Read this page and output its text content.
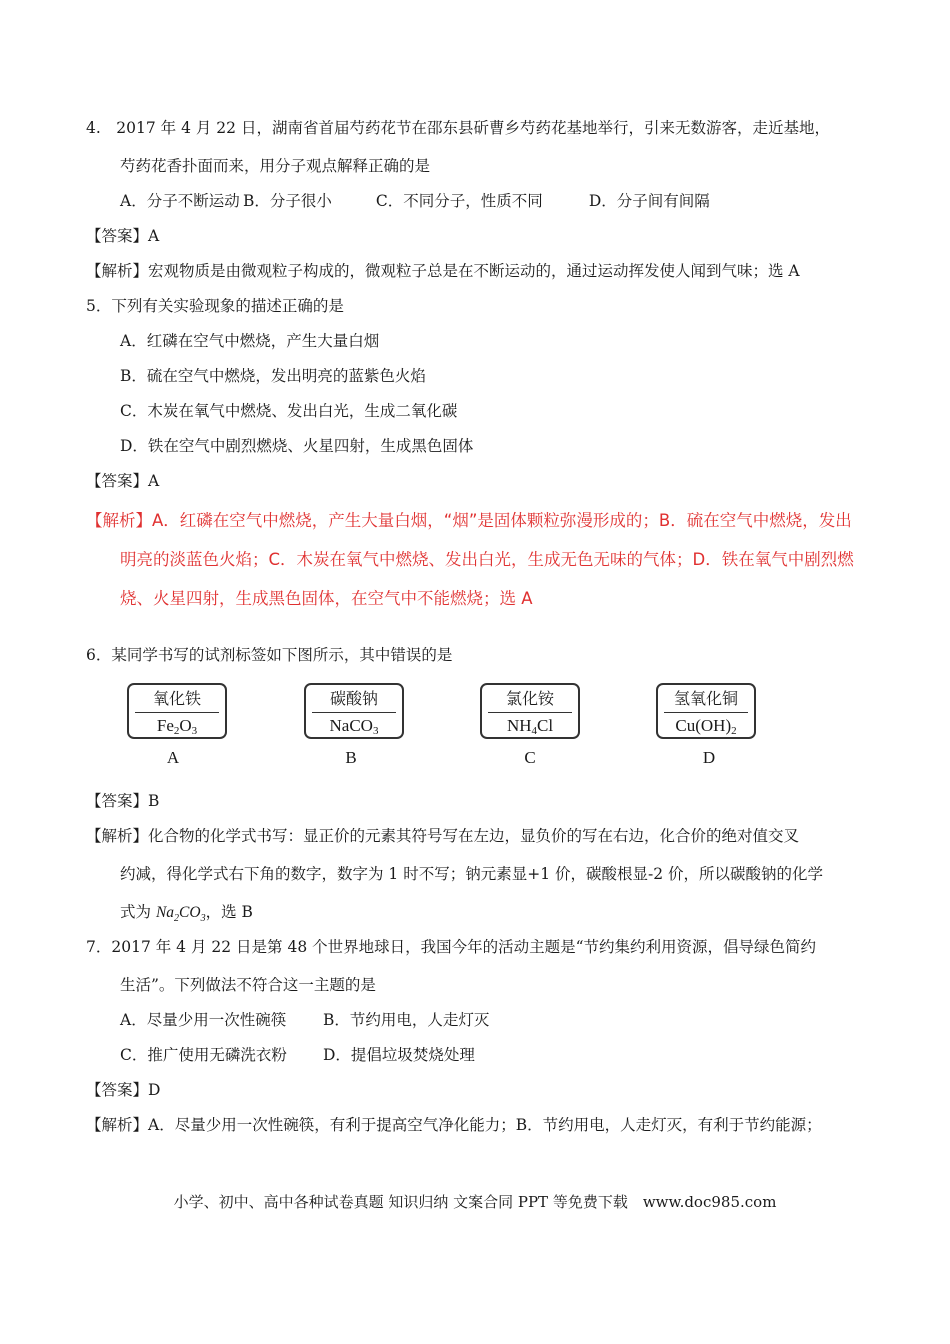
4.　2017 年 4 月 22 日，湖南省首届芍药花节在邵东县斫曹乡芍药花基地举行，引来无数游客，走近基地，
芍药花香扑面而来，用分子观点解释正确的是
A．分子不断运动 B．分子很小	C．不同分子，性质不同	D．分子间有间隔
【答案】A
【解析】宏观物质是由微观粒子构成的，微观粒子总是在不断运动的，通过运动挥发使人闻到气味；选 A
5．下列有关实验现象的描述正确的是
A．红磷在空气中燃烧，产生大量白烟
B．硫在空气中燃烧，发出明亮的蓝紫色火焰
C．木炭在氧气中燃烧、发出白光，生成二氧化碳
D．铁在空气中剧烈燃烧、火星四射，生成黑色固体
【答案】A
【解析】A．红磷在空气中燃烧，产生大量白烟，“烟”是固体颗粒弥漫形成的；B．硫在空气中燃烧，发出
明亮的淡蓝色火焰；C．木炭在氧气中燃烧、发出白光，生成无色无味的气体；D．铁在氧气中剧烈燃
烧、火星四射，生成黑色固体，在空气中不能燃烧；选 A
6．某同学书写的试剂标签如下图所示，其中错误的是
氧化铁
$Fe_2O_3$
A
碳酸钠
NaCO$_3$
B
氯化铵
$NH_4Cl$
C
氢氧化铜
$Cu(OH)_2$
D
【答案】B
【解析】化合物的化学式书写：显正价的元素其符号写在左边，显负价的写在右边，化合价的绝对值交叉
约减，得化学式右下角的数字，数字为 1 时不写；钠元素显+1 价，碳酸根显-2 价，所以碳酸钠的化学
式为 $Na_2CO_3$，选 B
7．2017 年 4 月 22 日是第 48 个世界地球日，我国今年的活动主题是“节约集约利用资源，倡导绿色简约
生活”。下列做法不符合这一主题的是
A．尽量少用一次性碗筷 B．节约用电，人走灯灭
C．推广使用无磷洗衣粉 D．提倡垃圾焚烧处理
【答案】D
【解析】A．尽量少用一次性碗筷，有利于提高空气净化能力；B．节约用电，人走灯灭，有利于节约能源；
小学、初中、高中各种试卷真题 知识归纳 文案合同 PPT 等免费下载　www.doc985.com
